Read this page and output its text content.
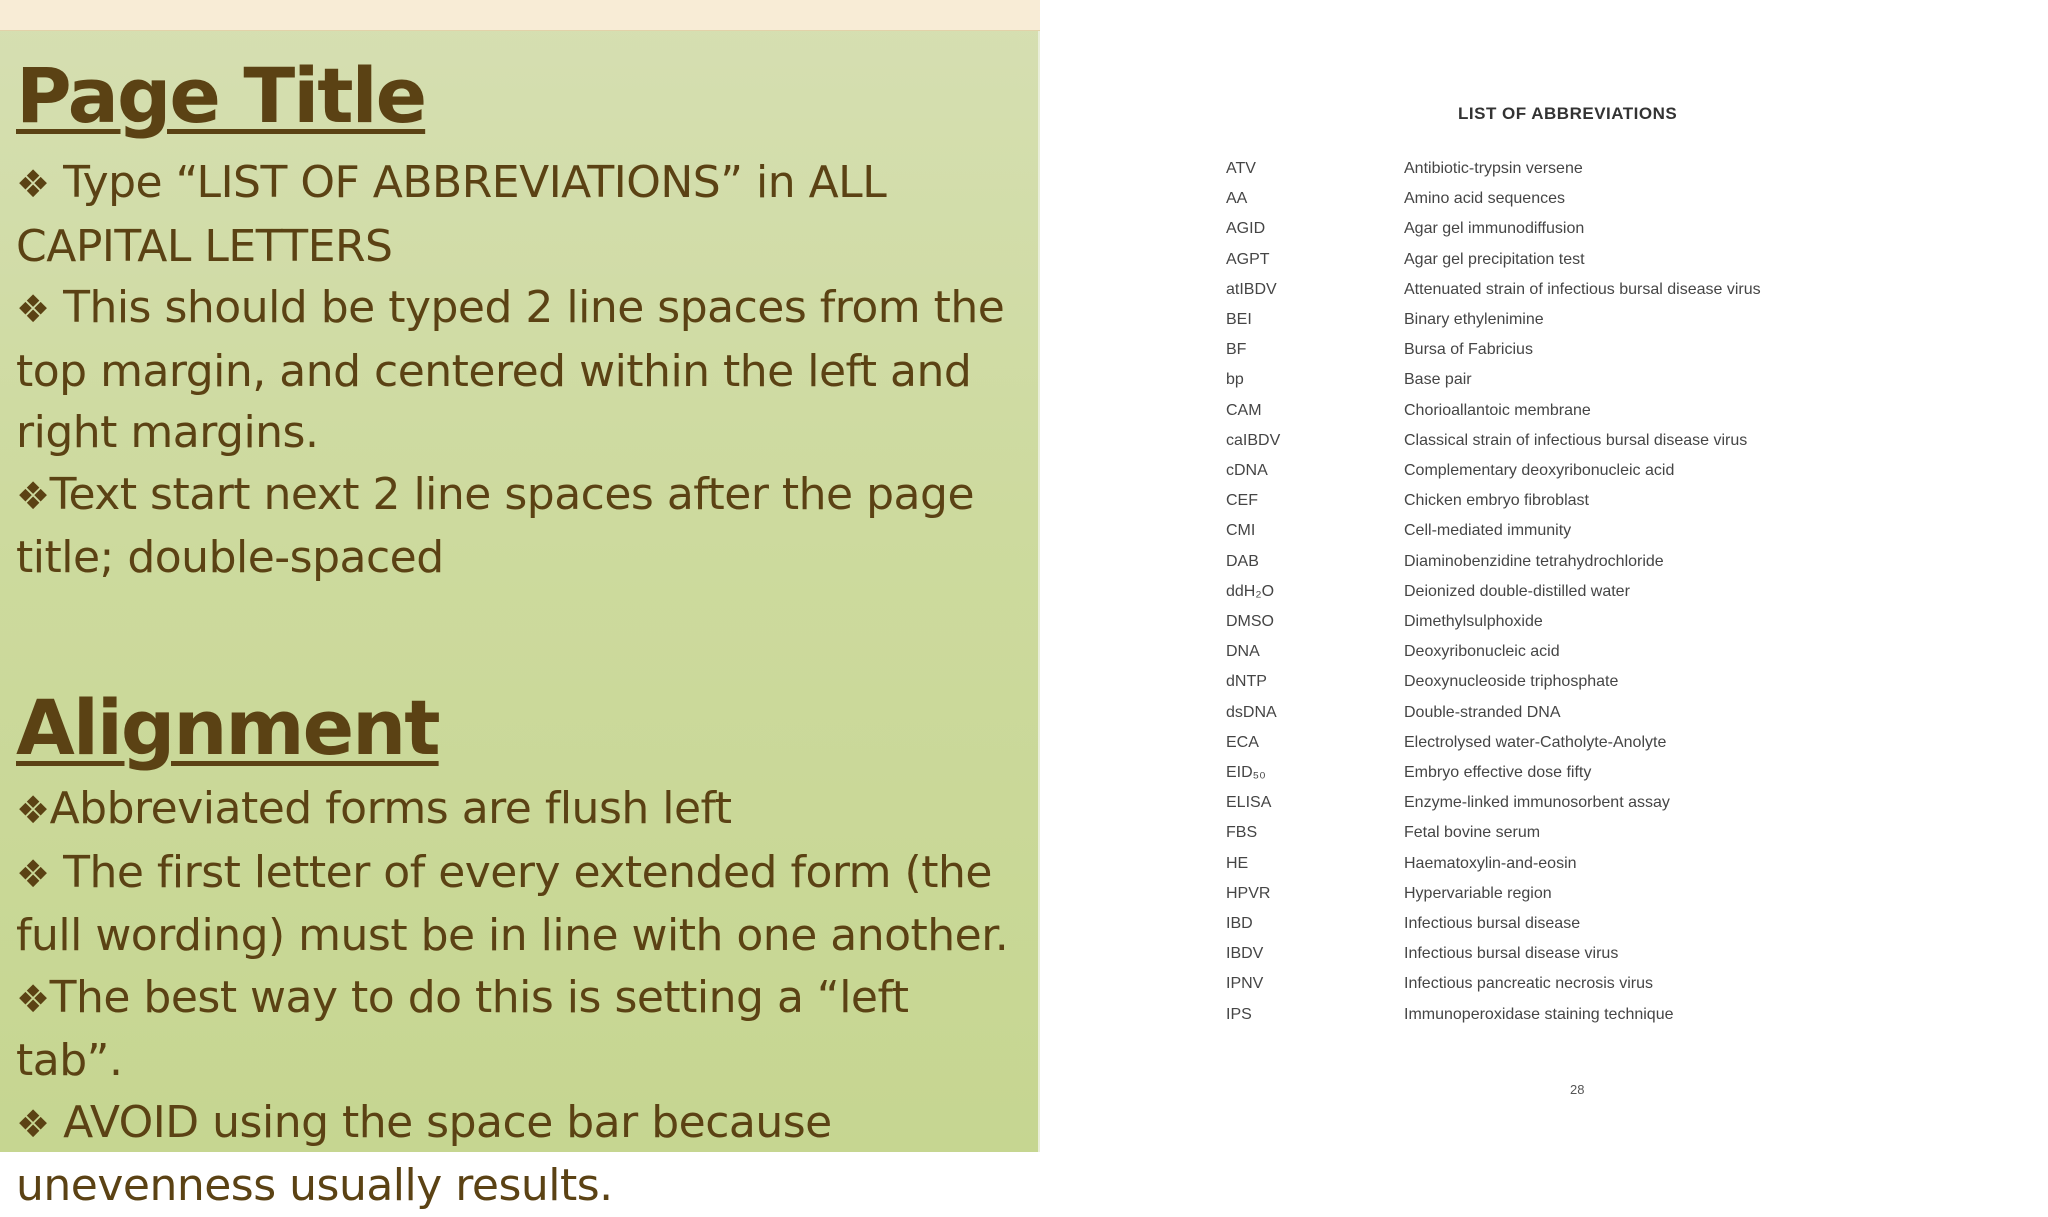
Page Title

❖ Type “LIST OF ABBREVIATIONS” in ALL CAPITAL LETTERS

❖ This should be typed 2 line spaces from the top margin, and centered within the left and right margins.

❖Text start next 2 line spaces after the page title; double-spaced

Alignment

❖Abbreviated forms are flush left

❖ The first letter of every extended form (the full wording) must be in line with one another.

❖The best way to do this is setting a “left tab”.

❖ AVOID using the space bar because unevenness usually results.

LIST OF ABBREVIATIONS
ATV	Antibiotic-trypsin versene
AA	Amino acid sequences
AGID	Agar gel immunodiffusion
AGPT	Agar gel precipitation test
atIBDV	Attenuated strain of infectious bursal disease virus
BEI	Binary ethylenimine
BF	Bursa of Fabricius
bp	Base pair
CAM	Chorioallantoic membrane
caIBDV	Classical strain of infectious bursal disease virus
cDNA	Complementary deoxyribonucleic acid
CEF	Chicken embryo fibroblast
CMI	Cell-mediated immunity
DAB	Diaminobenzidine tetrahydrochloride
ddH₂O	Deionized double-distilled water
DMSO	Dimethylsulphoxide
DNA	Deoxyribonucleic acid
dNTP	Deoxynucleoside triphosphate
dsDNA	Double-stranded DNA
ECA	Electrolysed water-Catholyte-Anolyte
EID₅₀	Embryo effective dose fifty
ELISA	Enzyme-linked immunosorbent assay
FBS	Fetal bovine serum
HE	Haematoxylin-and-eosin
HPVR	Hypervariable region
IBD	Infectious bursal disease
IBDV	Infectious bursal disease virus
IPNV	Infectious pancreatic necrosis virus
IPS	Immunoperoxidase staining technique
28
